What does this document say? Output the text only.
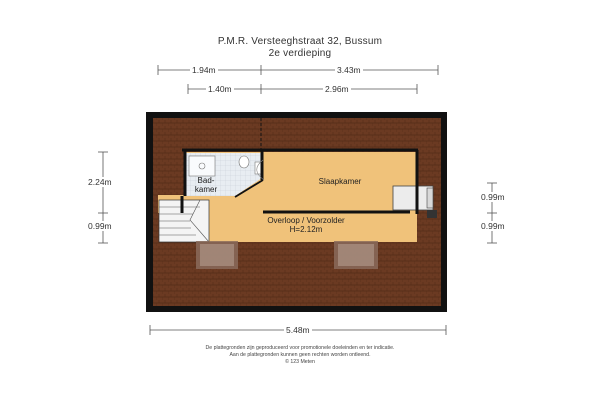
P.M.R. Versteeghstraat 32, Bussum
2e verdieping
1.94m	3.43m
1.40m	2.96m
2.24m
0.99m
0.99m
0.99m
5.48m
Bad-
kamer
Slaapkamer
Overloop / Voorzolder
H=2.12m
De plattegronden zijn geproduceerd voor promotionele doeleinden en ter indicatie.
Aan de plattegronden kunnen geen rechten worden ontleend.
© 123 Meten
